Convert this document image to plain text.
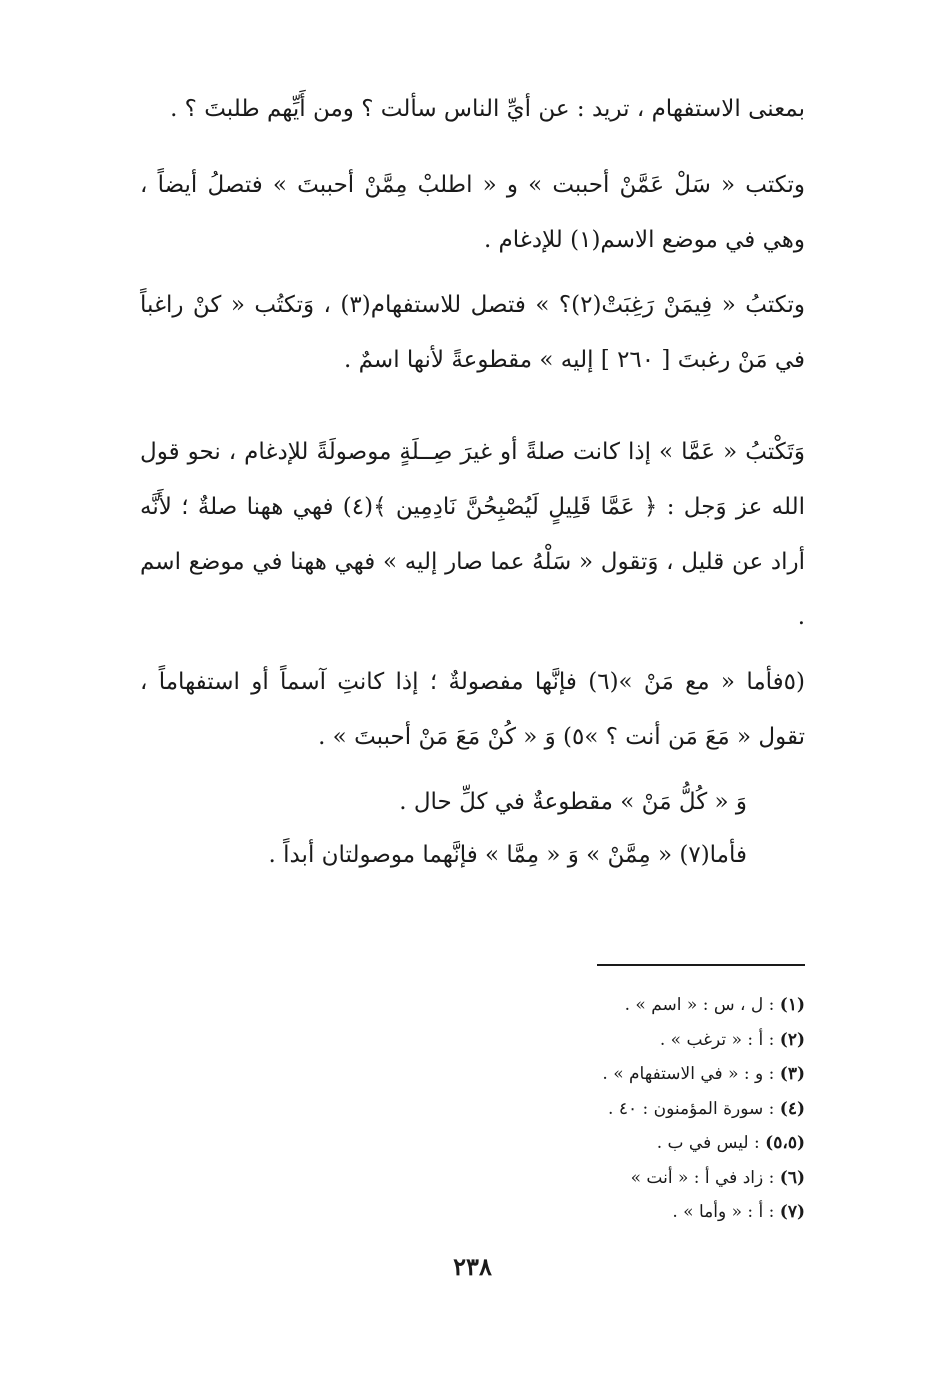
بمعنى الاستفهام ، تريد : عن أيِّ الناس سألت ؟ ومن أَيِّهم طلبتَ ؟ .

وتكتب « سَلْ عَمَّنْ أحببت » و « اطلبْ مِمَّنْ أحببتَ » فتصلُ أيضاً ، وهي في موضع الاسم(١) للإدغام .

وتكتبُ « فِيمَنْ رَغِبَتْ(٢)؟ » فتصل للاستفهام(٣) ، وَتكتُب « كنْ راغباً في مَنْ رغبتَ [ ٢٦٠ ] إليه » مقطوعةً لأنها اسمٌ .

وَتَكْتبُ « عَمَّا » إذا كانت صلةً أو غيرَ صِــلَةٍ موصولَةً للإدغام ، نحو قول الله عز وَجل : ﴿ عَمَّا قَلِيلٍ لَيُصْبِحُنَّ نَادِمِين ﴾(٤) فهي ههنا صلةٌ ؛ لأَنَّه أراد عن قليل ، وَتقول « سَلْهُ عما صار إليه » فهي ههنا في موضع اسم .

(٥فأما « مع مَنْ »(٦) فإنَّها مفصولةٌ ؛ إذا كانتِ آسماً أو استفهاماً ، تقول « مَعَ مَن أنت ؟ »٥) وَ « كُنْ مَعَ مَنْ أحببتَ » .

وَ « كُلُّ مَنْ » مقطوعةٌ في كلِّ حال .

فأما(٧) « مِمَّنْ » وَ « مِمَّا » فإنَّهما موصولتان أبداً .

(١) : ل ، س : « اسم » .
(٢) : أ : « ترغب » .
(٣) : و : « في الاستفهام » .
(٤) : سورة المؤمنون : ٤٠ .
(٥،٥) : ليس في ب .
(٦) : زاد في أ : « أنت »
(٧) : أ : « وأما » .
٢٣٨
